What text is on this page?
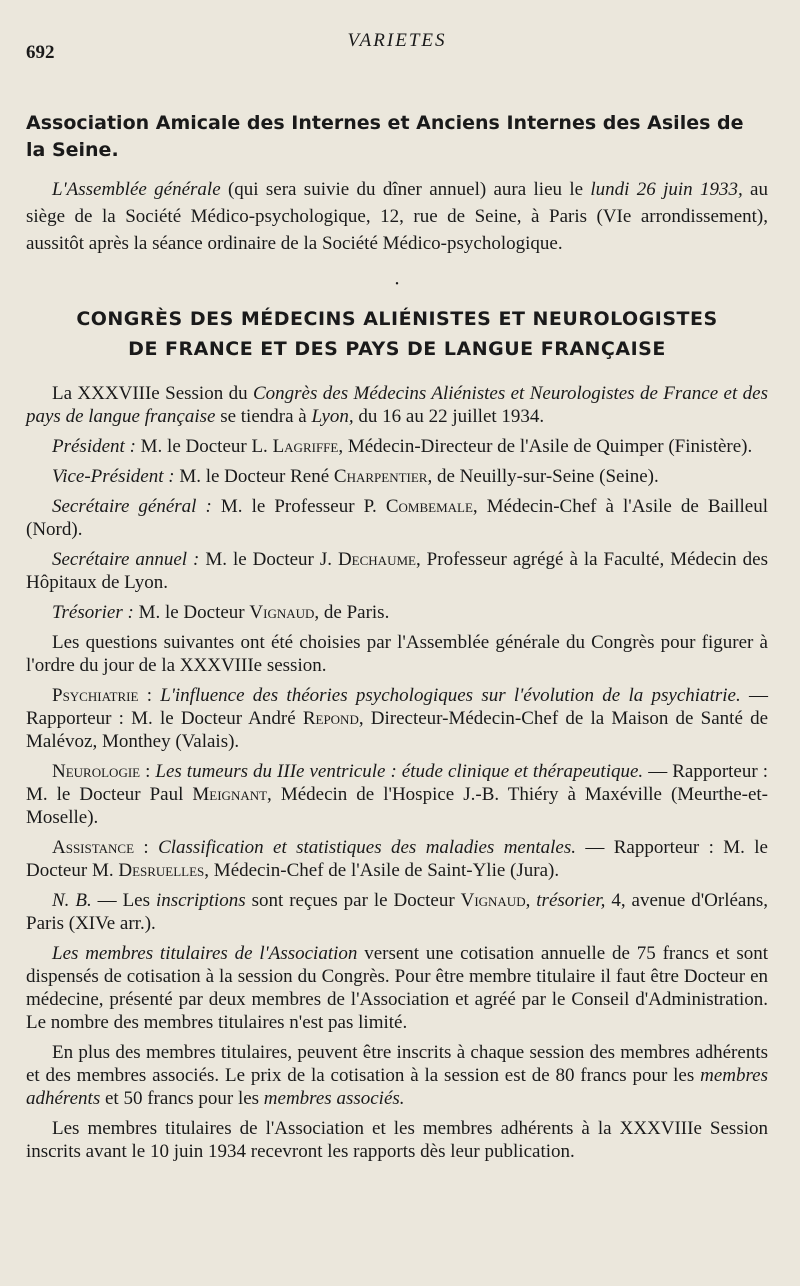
692
VARIETES
Association Amicale des Internes et Anciens Internes des Asiles de la Seine.

L'Assemblée générale (qui sera suivie du dîner annuel) aura lieu le lundi 26 juin 1933, au siège de la Société Médico-psychologique, 12, rue de Seine, à Paris (VIe arrondissement), aussitôt après la séance ordinaire de la Société Médico-psychologique.

•
CONGRÈS DES MÉDECINS ALIÉNISTES ET NEUROLOGISTES
DE FRANCE ET DES PAYS DE LANGUE FRANÇAISE

La XXXVIIIe Session du Congrès des Médecins Aliénistes et Neurologistes de France et des pays de langue française se tiendra à Lyon, du 16 au 22 juillet 1934.

Président : M. le Docteur L. Lagriffe, Médecin-Directeur de l'Asile de Quimper (Finistère).

Vice-Président : M. le Docteur René Charpentier, de Neuilly-sur-Seine (Seine).

Secrétaire général : M. le Professeur P. Combemale, Médecin-Chef à l'Asile de Bailleul (Nord).

Secrétaire annuel : M. le Docteur J. Dechaume, Professeur agrégé à la Faculté, Médecin des Hôpitaux de Lyon.

Trésorier : M. le Docteur Vignaud, de Paris.

Les questions suivantes ont été choisies par l'Assemblée générale du Congrès pour figurer à l'ordre du jour de la XXXVIIIe session.

Psychiatrie : L'influence des théories psychologiques sur l'évolution de la psychiatrie. — Rapporteur : M. le Docteur André Repond, Directeur-Médecin-Chef de la Maison de Santé de Malévoz, Monthey (Valais).

Neurologie : Les tumeurs du IIIe ventricule : étude clinique et thérapeutique. — Rapporteur : M. le Docteur Paul Meignant, Médecin de l'Hospice J.-B. Thiéry à Maxéville (Meurthe-et-Moselle).

Assistance : Classification et statistiques des maladies mentales. — Rapporteur : M. le Docteur M. Desruelles, Médecin-Chef de l'Asile de Saint-Ylie (Jura).

N. B. — Les inscriptions sont reçues par le Docteur Vignaud, trésorier, 4, avenue d'Orléans, Paris (XIVe arr.).

Les membres titulaires de l'Association versent une cotisation annuelle de 75 francs et sont dispensés de cotisation à la session du Congrès. Pour être membre titulaire il faut être Docteur en médecine, présenté par deux membres de l'Association et agréé par le Conseil d'Administration. Le nombre des membres titulaires n'est pas limité.

En plus des membres titulaires, peuvent être inscrits à chaque session des membres adhérents et des membres associés. Le prix de la cotisation à la session est de 80 francs pour les membres adhérents et 50 francs pour les membres associés.

Les membres titulaires de l'Association et les membres adhérents à la XXXVIIIe Session inscrits avant le 10 juin 1934 recevront les rapports dès leur publication.
